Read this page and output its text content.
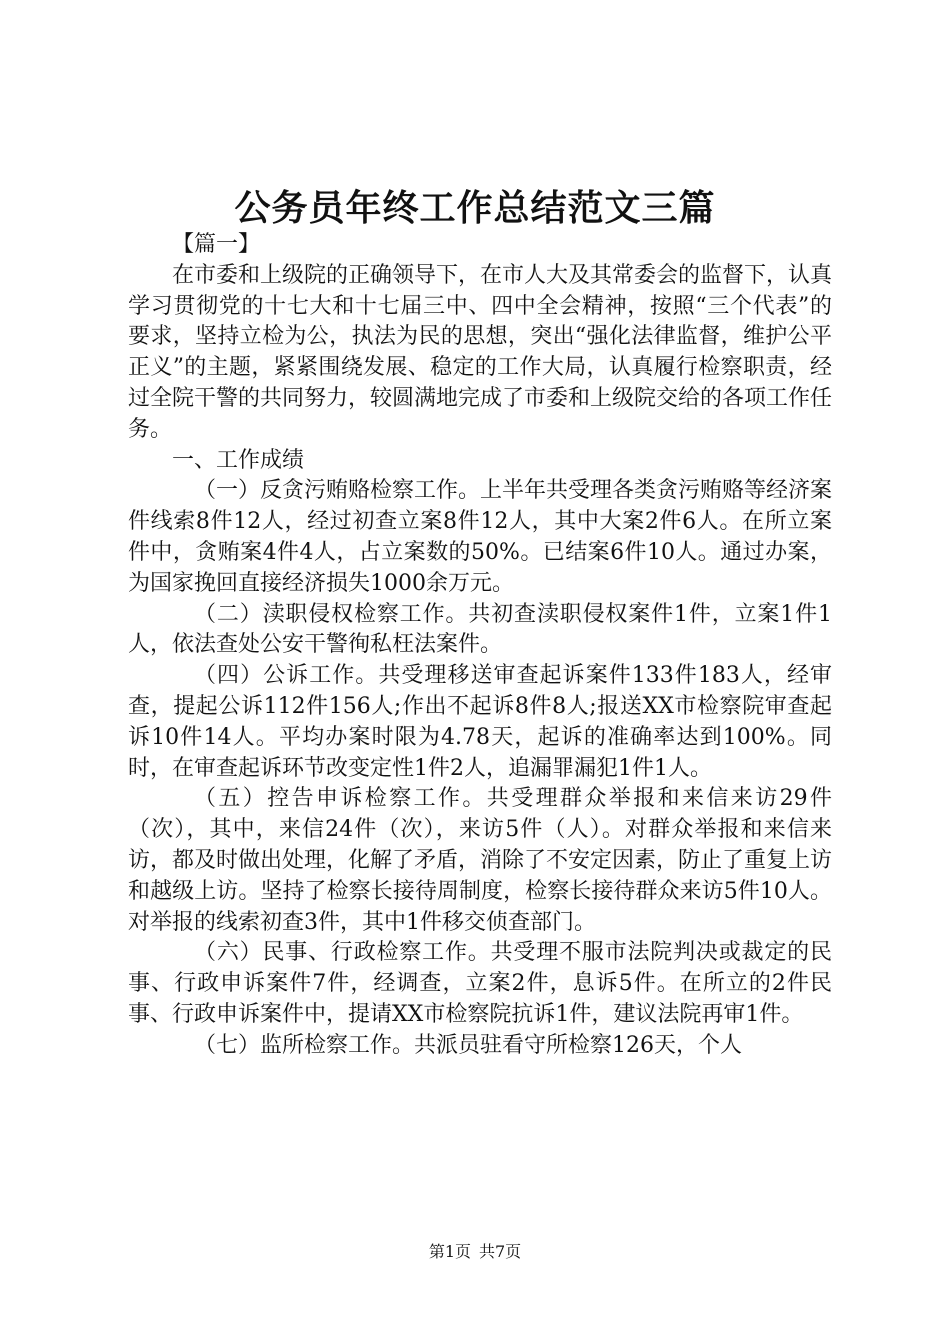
公务员年终工作总结范文三篇

【篇一】

在市委和上级院的正确领导下，在市人大及其常委会的监督下，认真学习贯彻党的十七大和十七届三中、四中全会精神，按照“三个代表”的要求，坚持立检为公，执法为民的思想，突出“强化法律监督，维护公平正义”的主题，紧紧围绕发展、稳定的工作大局，认真履行检察职责，经过全院干警的共同努力，较圆满地完成了市委和上级院交给的各项工作任务。

一、工作成绩

（一）反贪污贿赂检察工作。上半年共受理各类贪污贿赂等经济案件线索8件12人，经过初查立案8件12人，其中大案2件6人。在所立案件中，贪贿案4件4人，占立案数的50%。已结案6件10人。通过办案，为国家挽回直接经济损失1000余万元。

（二）渎职侵权检察工作。共初查渎职侵权案件1件，立案1件1人，依法查处公安干警徇私枉法案件。

（四）公诉工作。共受理移送审查起诉案件133件183人，经审查，提起公诉112件156人;作出不起诉8件8人;报送XX市检察院审查起诉10件14人。平均办案时限为4.78天，起诉的准确率达到100%。同时，在审查起诉环节改变定性1件2人，追漏罪漏犯1件1人。

（五）控告申诉检察工作。共受理群众举报和来信来访29件（次），其中，来信24件（次），来访5件（人）。对群众举报和来信来访，都及时做出处理，化解了矛盾，消除了不安定因素，防止了重复上访和越级上访。坚持了检察长接待周制度，检察长接待群众来访5件10人。对举报的线索初查3件，其中1件移交侦查部门。

（六）民事、行政检察工作。共受理不服市法院判决或裁定的民事、行政申诉案件7件，经调查，立案2件，息诉5件。在所立的2件民事、行政申诉案件中，提请XX市检察院抗诉1件，建议法院再审1件。

（七）监所检察工作。共派员驻看守所检察126天，个人

第1页 共7页
